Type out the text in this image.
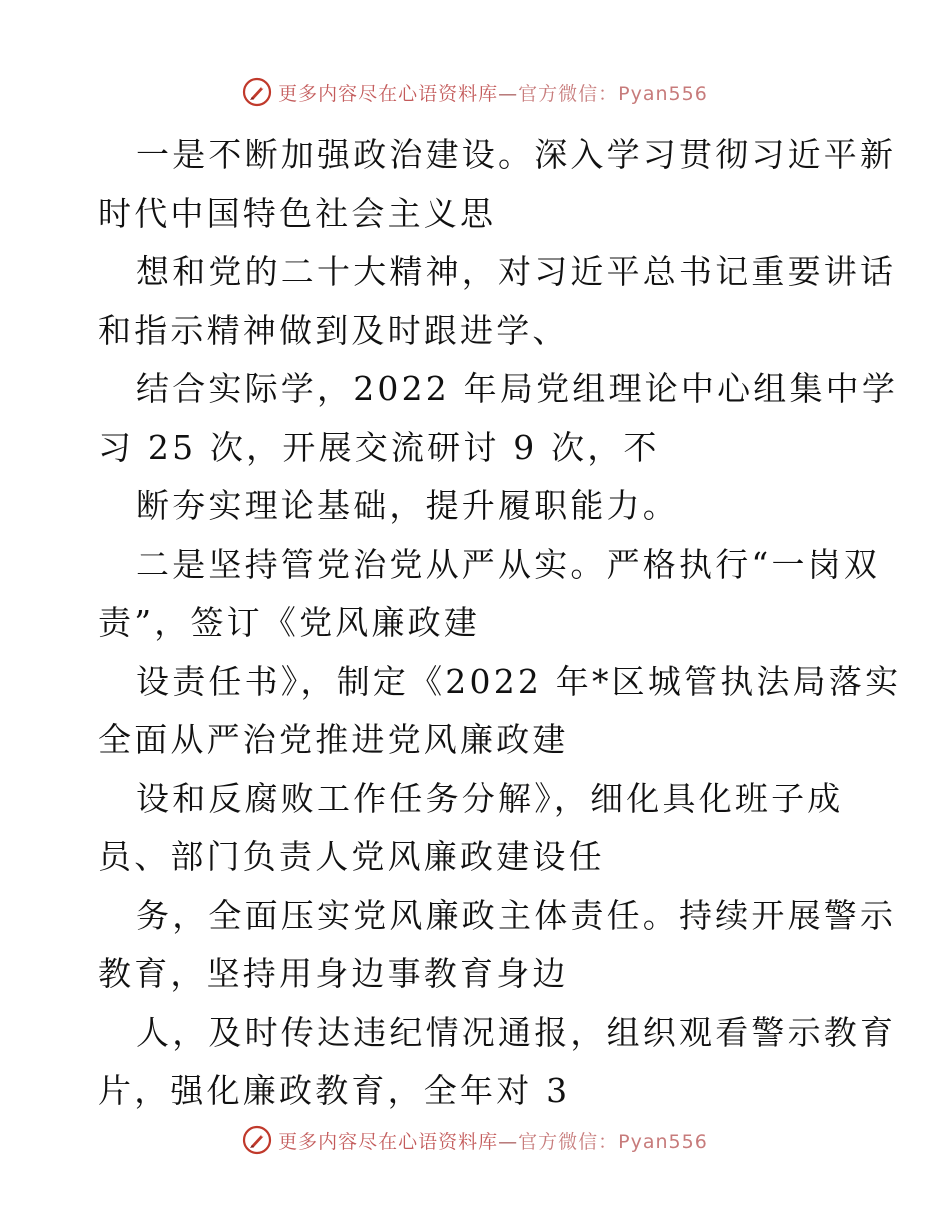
更多内容尽在心语资料库—官方微信：Pyan556
一是不断加强政治建设。深入学习贯彻习近平新
时代中国特色社会主义思
想和党的二十大精神，对习近平总书记重要讲话
和指示精神做到及时跟进学、
结合实际学，2022 年局党组理论中心组集中学
习 25 次，开展交流研讨 9 次，不
断夯实理论基础，提升履职能力。
二是坚持管党治党从严从实。严格执行“一岗双
责”，签订《党风廉政建
设责任书》，制定《2022 年*区城管执法局落实
全面从严治党推进党风廉政建
设和反腐败工作任务分解》，细化具化班子成
员、部门负责人党风廉政建设任
务，全面压实党风廉政主体责任。持续开展警示
教育，坚持用身边事教育身边
人，及时传达违纪情况通报，组织观看警示教育
片，强化廉政教育，全年对 3
更多内容尽在心语资料库—官方微信：Pyan556
